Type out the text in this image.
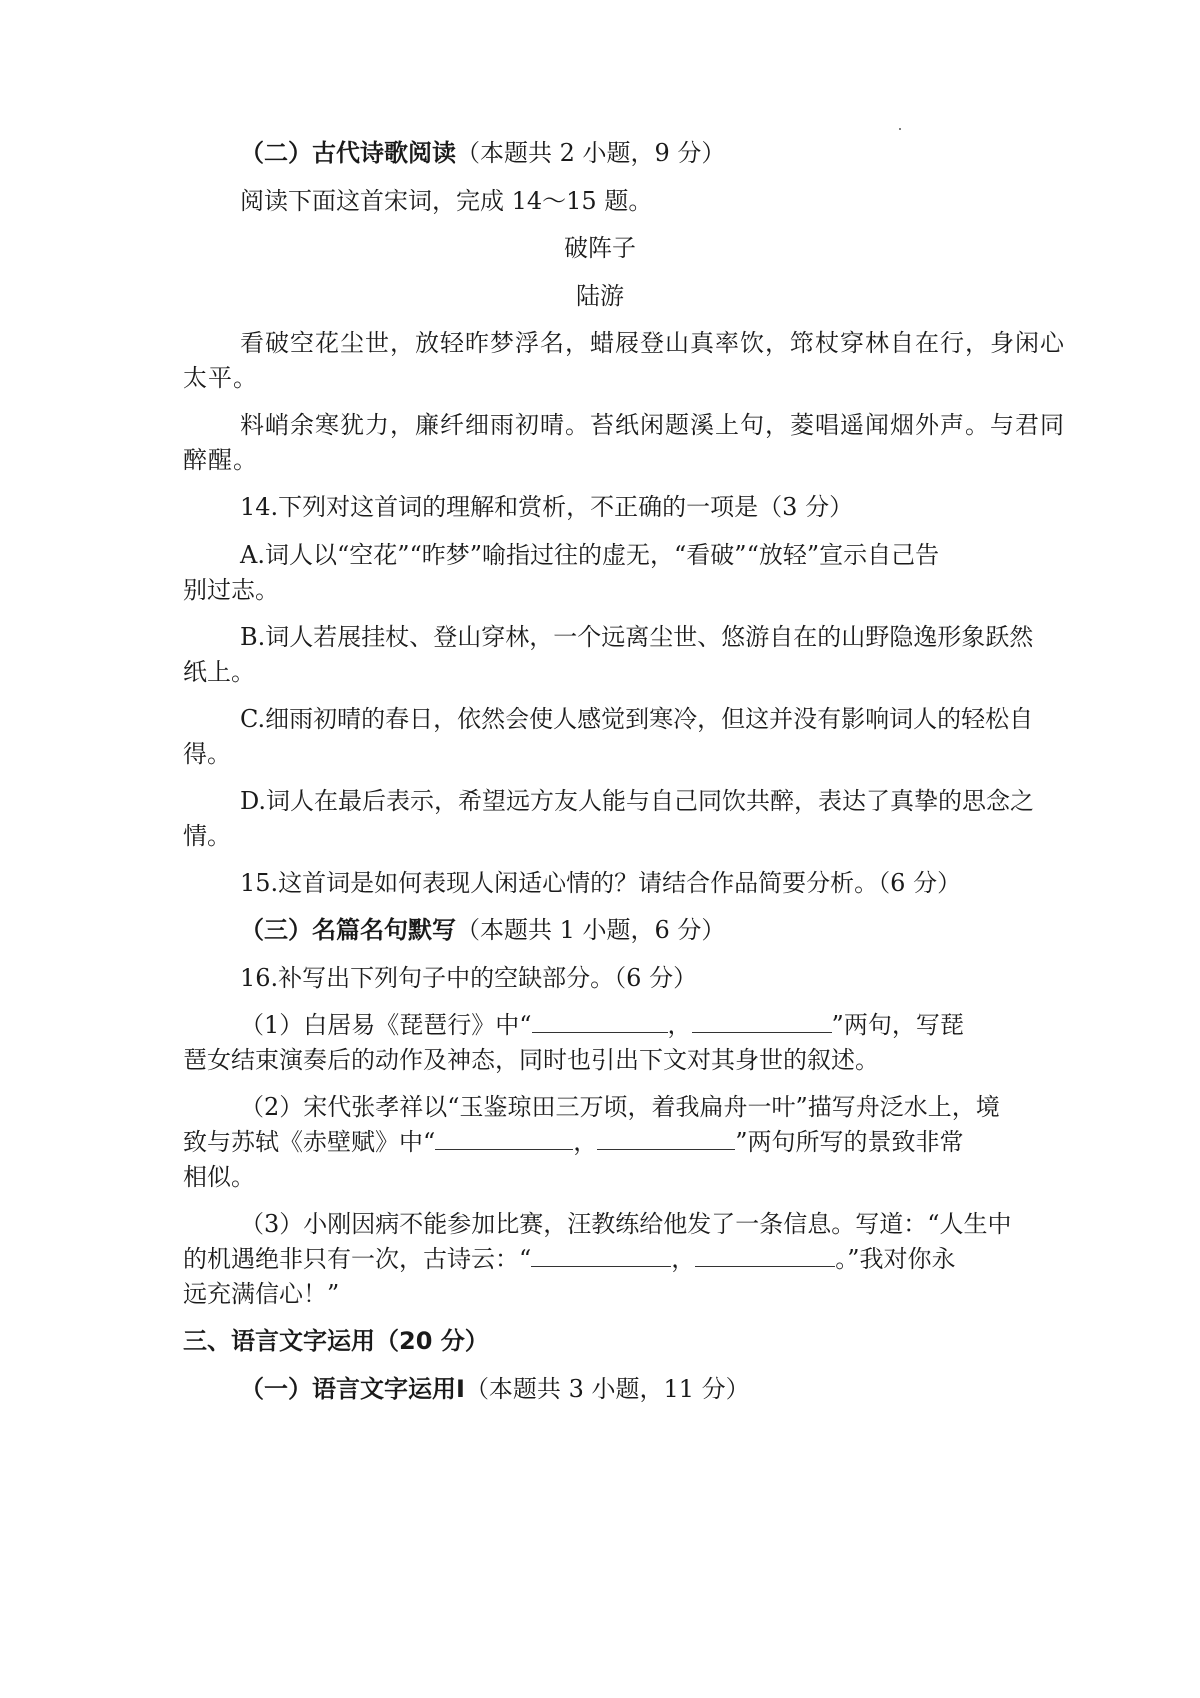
（二）古代诗歌阅读（本题共 2 小题，9 分）
阅读下面这首宋词，完成 14～15 题。
破阵子
陆游
看破空花尘世，放轻昨梦浮名，蜡屐登山真率饮，筇杖穿林自在行，身闲心
太平。
料峭余寒犹力，廉纤细雨初晴。苔纸闲题溪上句，菱唱遥闻烟外声。与君同
醉醒。
14.下列对这首词的理解和赏析，不正确的一项是（3 分）
A.词人以“空花”“昨梦”喻指过往的虚无，“看破”“放轻”宣示自己告
别过志。
B.词人若展挂杖、登山穿林，一个远离尘世、悠游自在的山野隐逸形象跃然
纸上。
C.细雨初晴的春日，依然会使人感觉到寒冷，但这并没有影响词人的轻松自
得。
D.词人在最后表示，希望远方友人能与自己同饮共醉，表达了真挚的思念之
情。
15.这首词是如何表现人闲适心情的？请结合作品简要分析。（6 分）
（三）名篇名句默写（本题共 1 小题，6 分）
16.补写出下列句子中的空缺部分。（6 分）
（1）白居易《琵琶行》中“	，	”两句，写琵
琶女结束演奏后的动作及神态，同时也引出下文对其身世的叙述。
（2）宋代张孝祥以“玉鉴琼田三万顷，着我扁舟一叶”描写舟泛水上，境
致与苏轼《赤壁赋》中“	，	”两句所写的景致非常
相似。
（3）小刚因病不能参加比赛，汪教练给他发了一条信息。写道：“人生中
的机遇绝非只有一次，古诗云：“	，	。”我对你永
远充满信心！”
三、语言文字运用（20 分）
（一）语言文字运用Ⅰ（本题共 3 小题，11 分）
